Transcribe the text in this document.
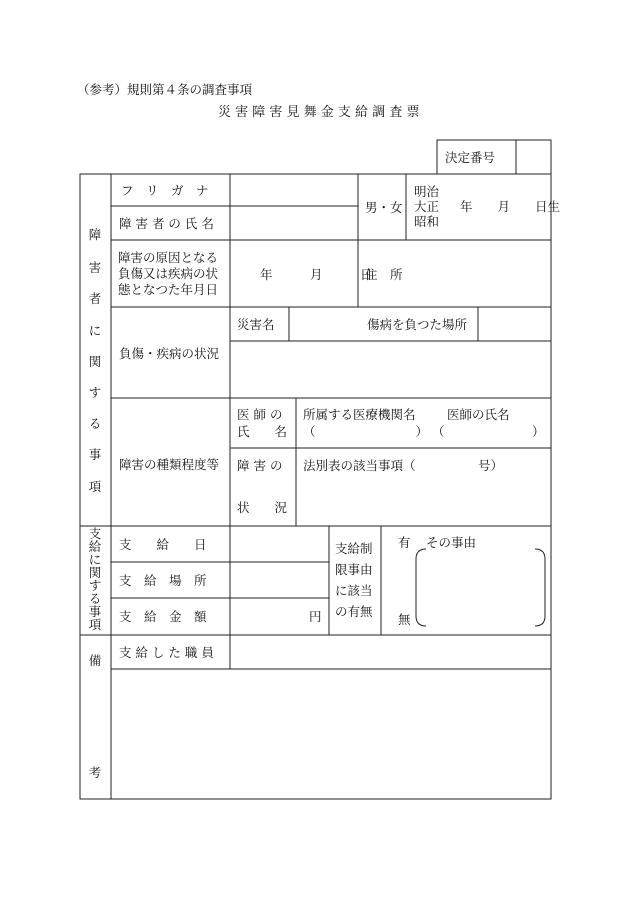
（参考）規則第４条の調査事項
災 害 障 害 見 舞 金 支 給 調 査 票
決定番号
障
害
者
に
関
す
る
事
項
フ　リ　ガ　ナ
障 害 者 の 氏 名
男・女
明治
大正
昭和
年　　月　　日生
障害の原因となる
負傷又は疾病の状
態となつた年月日
年　　　月　　　日
住　所
負傷・疾病の状況
災害名	傷病を負つた場所
障害の種類程度等
医 師 の
氏　　名
所属する医療機関名	医師の氏名
（　　　　　　　　） （　　　　　　　）
障 害 の
状　　況
法別表の該当事項（　　　　　号）
支
給
に
関
す
る
事
項
支　　給　　日
支　給　場　所
支　給　金　額	円
支給制
限事由
に該当
の有無
有 その事由
無
備
考
支 給 し た 職 員
